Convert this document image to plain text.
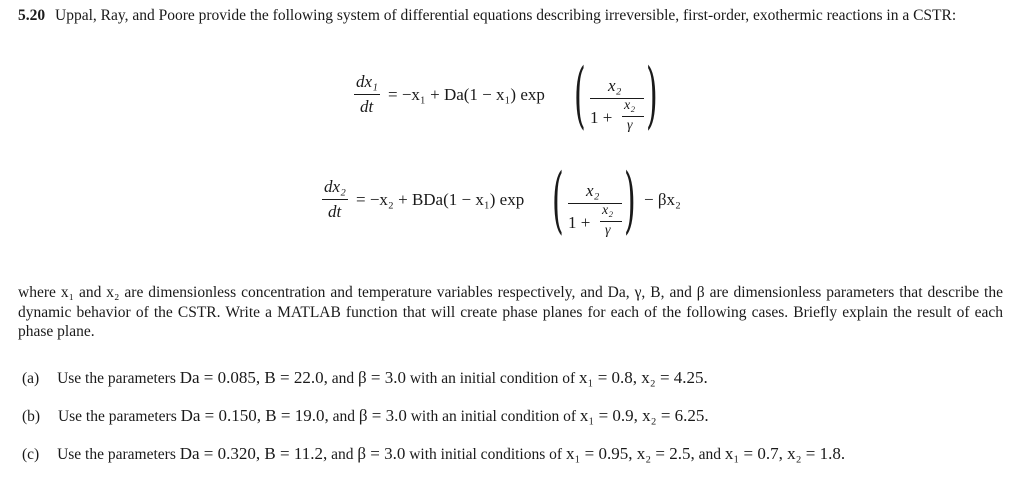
5.20 Uppal, Ray, and Poore provide the following system of differential equations describing irreversible, first-order, exothermic reactions in a CSTR:
dx₁
dt
= −x₁ + Da(1 − x₁) exp ( x₂
1 +
x₂
γ )
dx₂
dt
= −x₂ + BDa(1 − x₁) exp ( x₂
1 +
x₂
γ ) − βx₂
where x₁ and x₂ are dimensionless concentration and temperature variables respectively, and Da, γ, B, and β are dimensionless parameters that describe the dynamic behavior of the CSTR. Write a MATLAB function that will create phase planes for each of the following cases. Briefly explain the result of each phase plane.
(a) Use the parameters Da = 0.085, B = 22.0, and β = 3.0 with an initial condition of x₁ = 0.8, x₂ = 4.25.
(b) Use the parameters Da = 0.150, B = 19.0, and β = 3.0 with an initial condition of x₁ = 0.9, x₂ = 6.25.
(c) Use the parameters Da = 0.320, B = 11.2, and β = 3.0 with initial conditions of x₁ = 0.95, x₂ = 2.5, and x₁ = 0.7, x₂ = 1.8.
